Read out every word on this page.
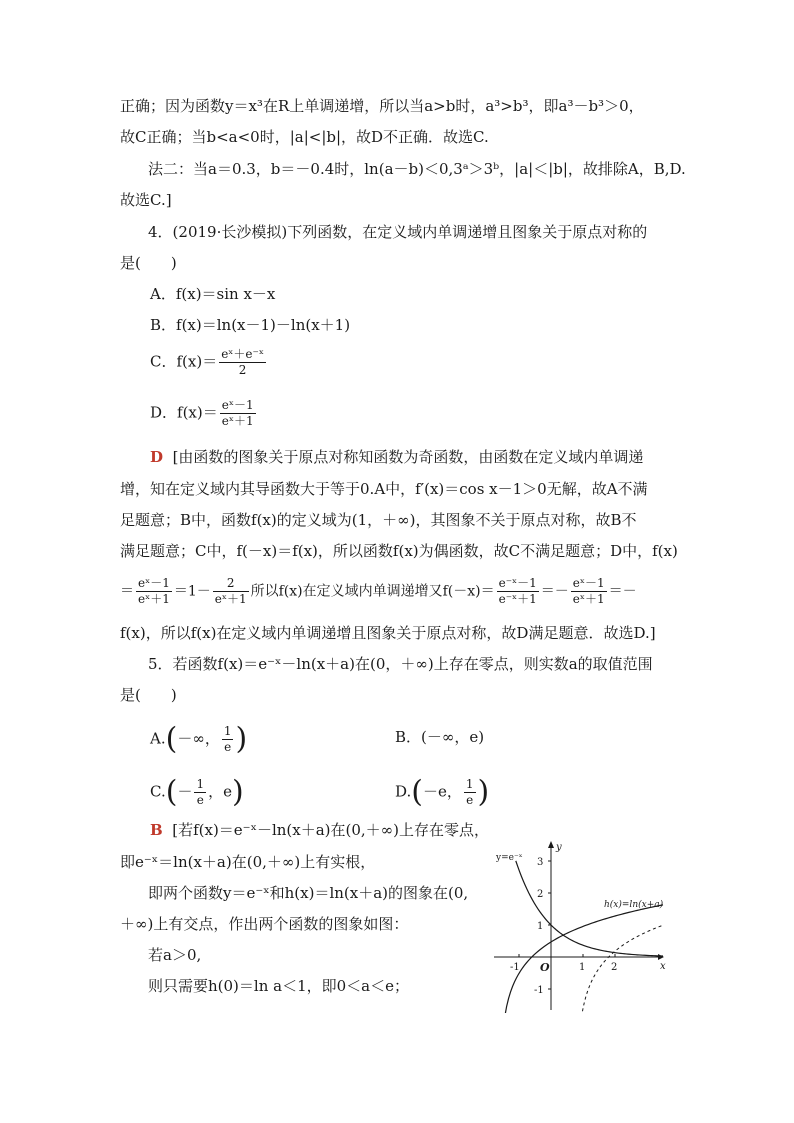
正确；因为函数y＝x³在R上单调递增，所以当a>b时，a³>b³，即a³－b³＞0，
故C正确；当b<a<0时，|a|<|b|，故D不正确．故选C.
法二：当a＝0.3，b＝－0.4时，ln(a－b)＜0,3ᵃ＞3ᵇ，|a|＜|b|，故排除A，B,D.
故选C.]
4．(2019·长沙模拟)下列函数，在定义域内单调递增且图象关于原点对称的
是(　　)
A．f(x)＝sin x－x
B．f(x)＝ln(x－1)－ln(x＋1)
C．$f(x)= \frac{\text{eˣ＋e⁻ˣ}}{2}$
D．$f(x)= \frac{\text{eˣ－1}}{\text{eˣ＋1}}$
D [由函数的图象关于原点对称知函数为奇函数，由函数在定义域内单调递
增，知在定义域内其导函数大于等于0.A中，f′(x)＝cos x－1＞0无解，故A不满
足题意；B中，函数f(x)的定义域为(1，＋∞)，其图象不关于原点对称，故B不
满足题意；C中，f(－x)＝f(x)，所以函数f(x)为偶函数，故C不满足题意；D中，f(x)
＝ $\frac{\text{eˣ－1}}{\text{eˣ＋1}} =1- \frac{2}{\text{eˣ＋1}}$ 所以f(x)在定义域内单调递增又$f(-x)= \frac{\text{e⁻ˣ－1}}{\text{e⁻ˣ＋1}} =- \frac{\text{eˣ－1}}{\text{eˣ＋1}}$ ＝－
f(x)，所以f(x)在定义域内单调递增且图象关于原点对称，故D满足题意．故选D.]
5．若函数f(x)＝e⁻ˣ－ln(x＋a)在(0，＋∞)上存在零点，则实数a的取值范围
是(　　)
A.(－∞， $\frac{1}{e}$ )	B．(－∞，e)
$C.(- \frac{1}{e}$ ，e)	D.(－e， $\frac{1}{e}$ )
B [若f(x)＝e⁻ˣ－ln(x＋a)在(0,＋∞)上存在零点，
即e⁻ˣ＝ln(x＋a)在(0,＋∞)上有实根，
即两个函数y＝e⁻ˣ和h(x)＝ln(x＋a)的图象在(0,
＋∞)上有交点，作出两个函数的图象如图：
若a＞0,
则只需要h(0)＝ln a＜1，即0＜a＜e；
y=e⁻ˣ
h(x)=ln(x+a)
y
x
O
3
2
1
-1
-1	1	2
